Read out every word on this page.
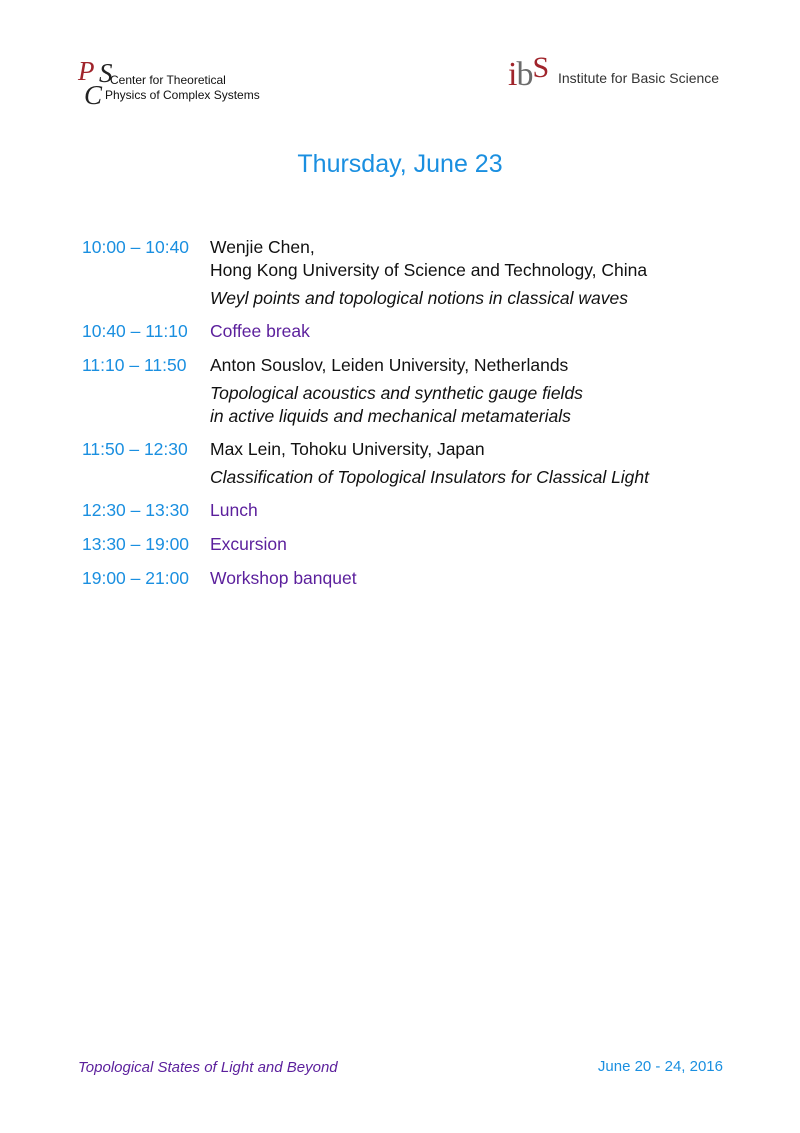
P S
C Center for Theoretical
Physics of Complex Systems
ibS Institute for Basic Science
Thursday, June 23
10:00 – 10:40	Wenjie Chen,
Hong Kong University of Science and Technology, China
Weyl points and topological notions in classical waves
10:40 – 11:10	Coffee break
11:10 – 11:50	Anton Souslov, Leiden University, Netherlands
Topological acoustics and synthetic gauge fields
in active liquids and mechanical metamaterials
11:50 – 12:30	Max Lein, Tohoku University, Japan
Classification of Topological Insulators for Classical Light
12:30 – 13:30	Lunch
13:30 – 19:00	Excursion
19:00 – 21:00	Workshop banquet
Topological States of Light and Beyond	June 20 - 24, 2016
